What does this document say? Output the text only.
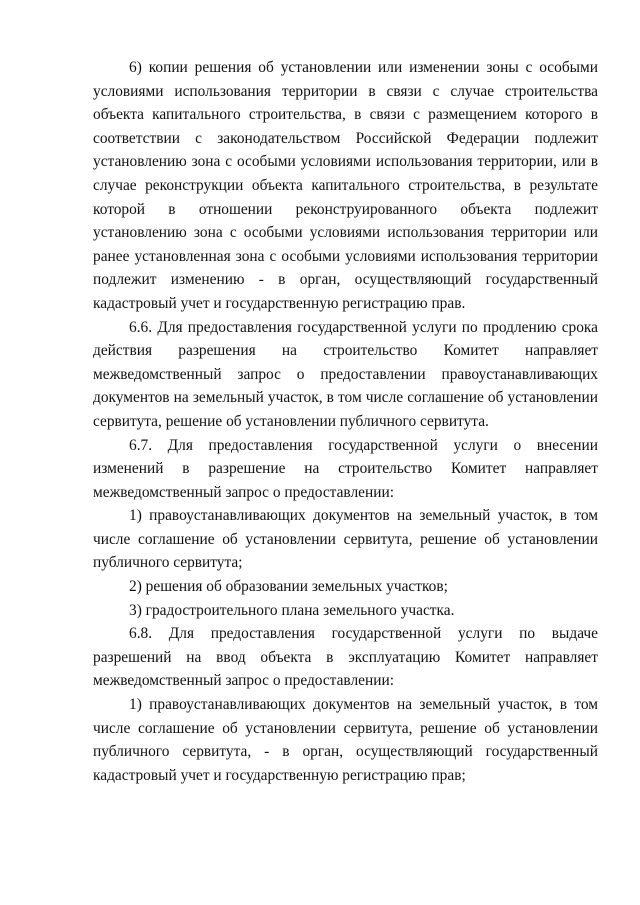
6) копии решения об установлении или изменении зоны с особыми условиями использования территории в связи с случае строительства объекта капитального строительства, в связи с размещением которого в соответствии с законодательством Российской Федерации подлежит установлению зона с особыми условиями использования территории, или в случае реконструкции объекта капитального строительства, в результате которой в отношении реконструированного объекта подлежит установлению зона с особыми условиями использования территории или ранее установленная зона с особыми условиями использования территории подлежит изменению - в орган, осуществляющий государственный кадастровый учет и государственную регистрацию прав.

6.6. Для предоставления государственной услуги по продлению срока действия разрешения на строительство Комитет направляет межведомственный запрос о предоставлении правоустанавливающих документов на земельный участок, в том числе соглашение об установлении сервитута, решение об установлении публичного сервитута.

6.7. Для предоставления государственной услуги о внесении изменений в разрешение на строительство Комитет направляет межведомственный запрос о предоставлении:

1) правоустанавливающих документов на земельный участок, в том числе соглашение об установлении сервитута, решение об установлении публичного сервитута;

2) решения об образовании земельных участков;

3) градостроительного плана земельного участка.

6.8. Для предоставления государственной услуги по выдаче разрешений на ввод объекта в эксплуатацию Комитет направляет межведомственный запрос о предоставлении:

1) правоустанавливающих документов на земельный участок, в том числе соглашение об установлении сервитута, решение об установлении публичного сервитута, - в орган, осуществляющий государственный кадастровый учет и государственную регистрацию прав;
